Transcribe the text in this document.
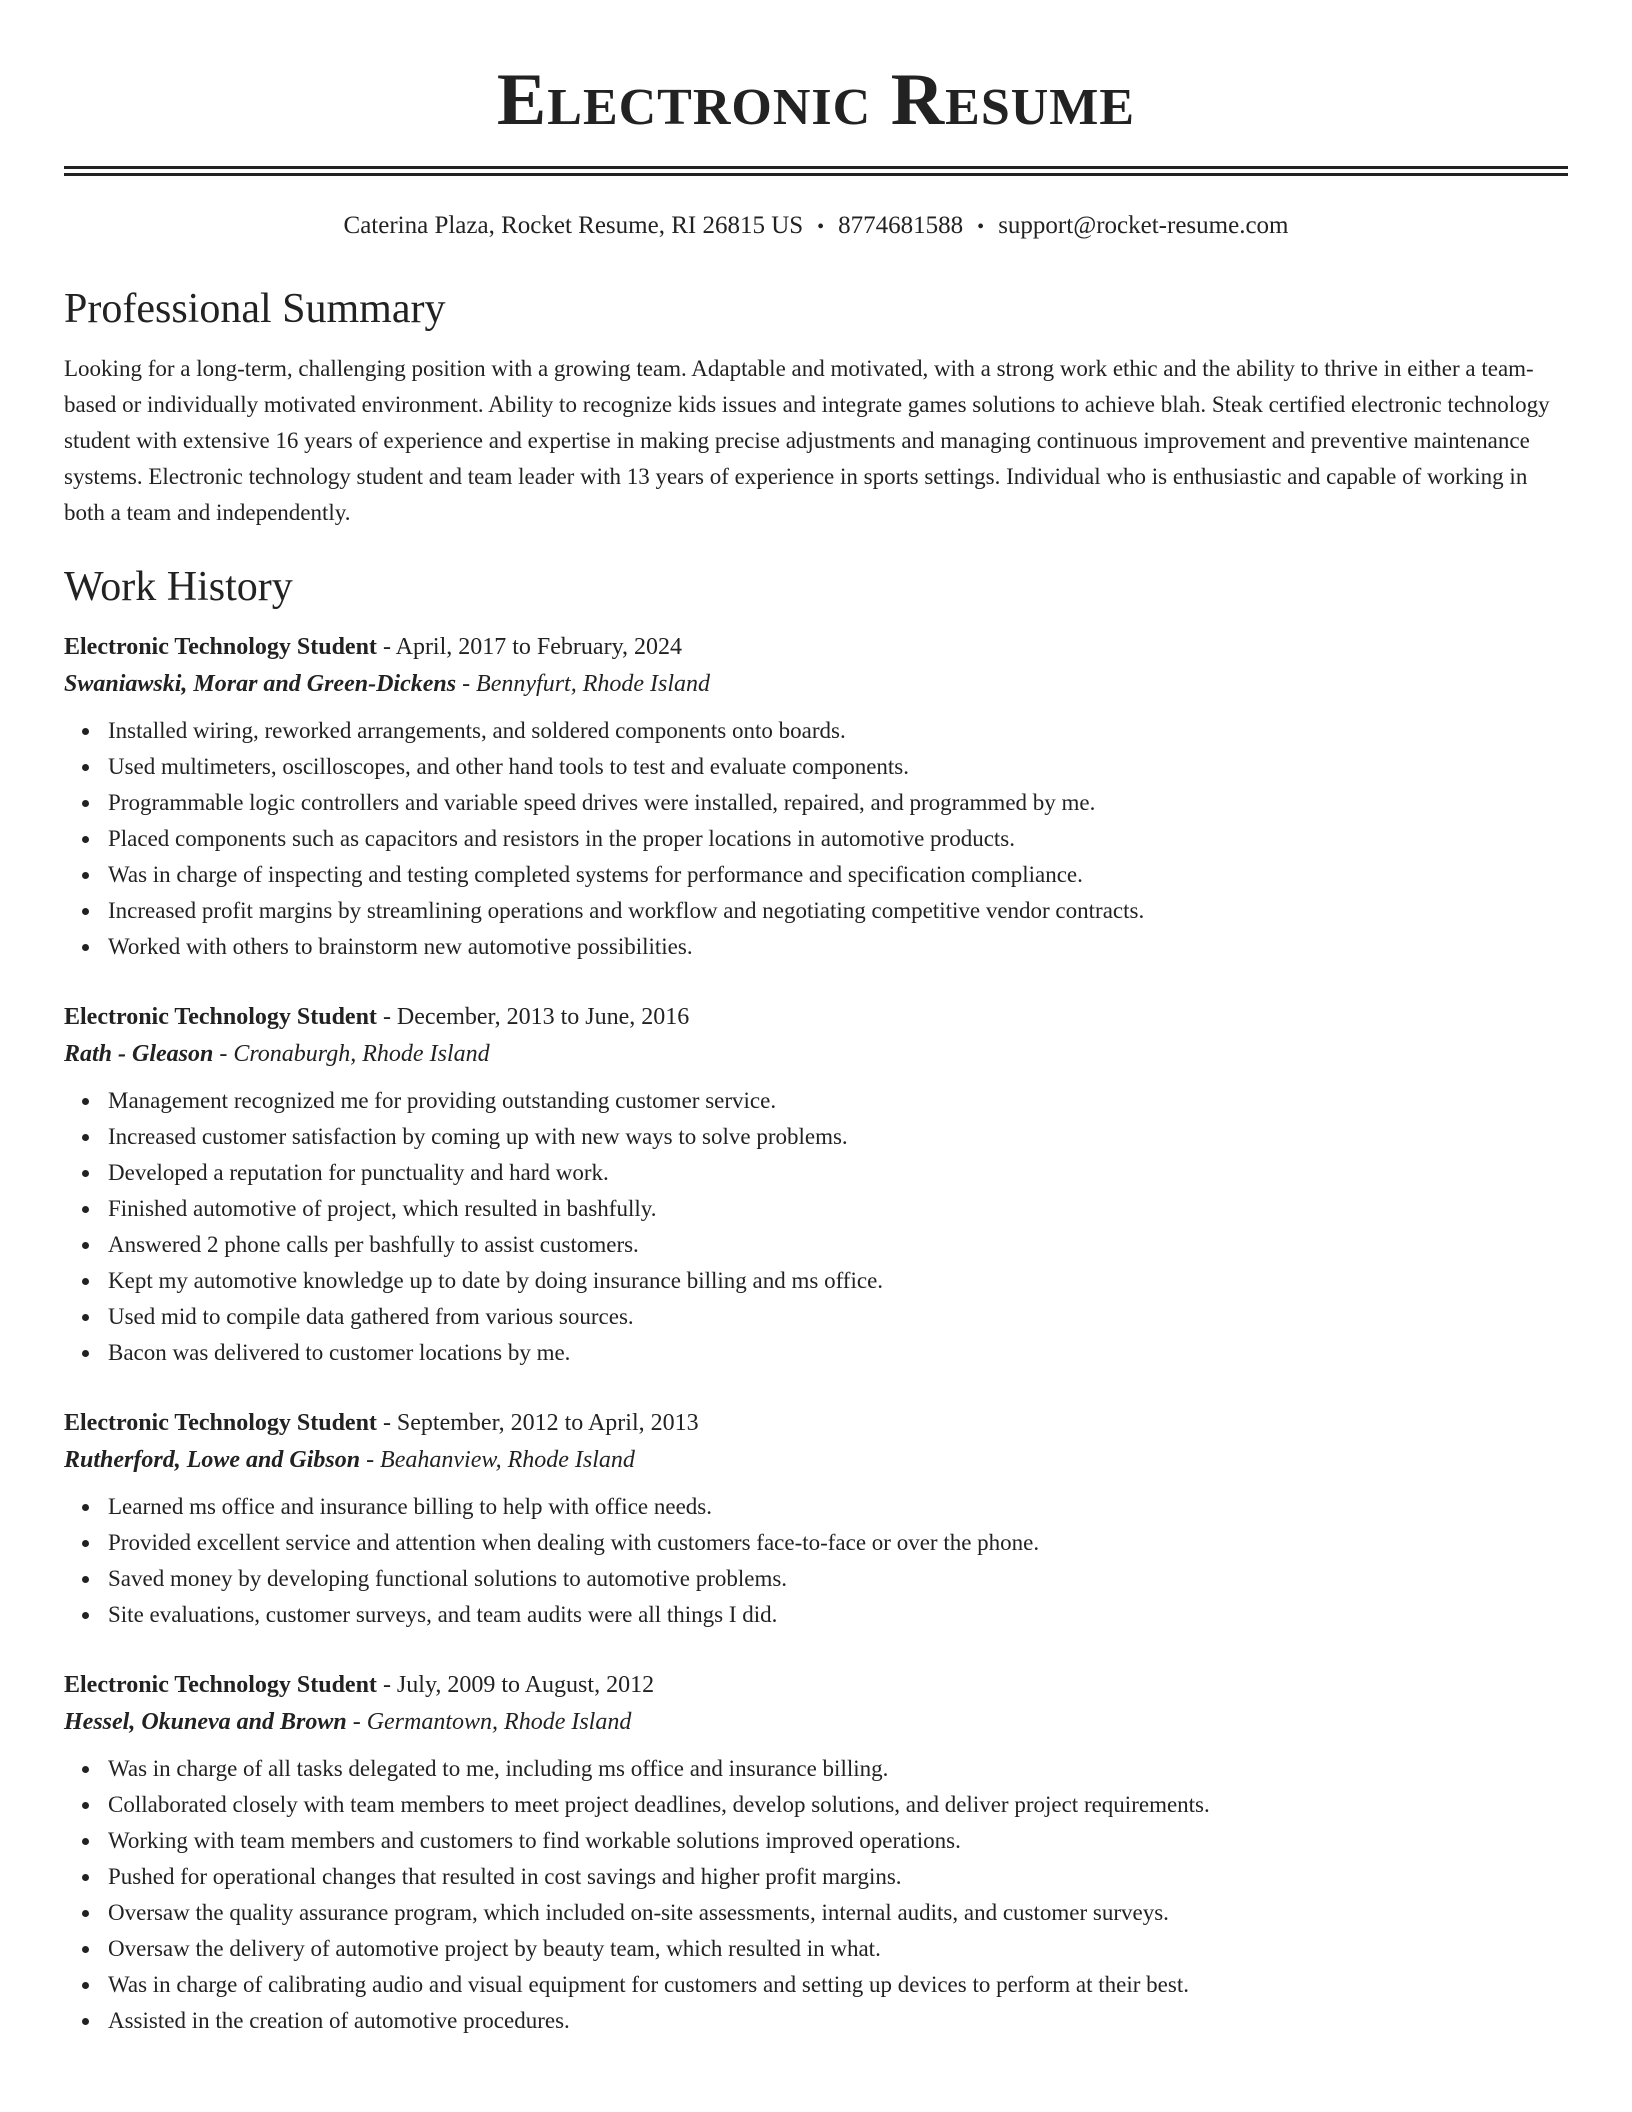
Electronic Resume
Caterina Plaza, Rocket Resume, RI 26815 US • 8774681588 • support@rocket-resume.com
Professional Summary

Looking for a long-term, challenging position with a growing team. Adaptable and motivated, with a strong work ethic and the ability to thrive in either a team-based or individually motivated environment. Ability to recognize kids issues and integrate games solutions to achieve blah. Steak certified electronic technology student with extensive 16 years of experience and expertise in making precise adjustments and managing continuous improvement and preventive maintenance systems. Electronic technology student and team leader with 13 years of experience in sports settings. Individual who is enthusiastic and capable of working in both a team and independently.

Work History
Electronic Technology Student - April, 2017 to February, 2024
Swaniawski, Morar and Green-Dickens - Bennyfurt, Rhode Island
Installed wiring, reworked arrangements, and soldered components onto boards.
Used multimeters, oscilloscopes, and other hand tools to test and evaluate components.
Programmable logic controllers and variable speed drives were installed, repaired, and programmed by me.
Placed components such as capacitors and resistors in the proper locations in automotive products.
Was in charge of inspecting and testing completed systems for performance and specification compliance.
Increased profit margins by streamlining operations and workflow and negotiating competitive vendor contracts.
Worked with others to brainstorm new automotive possibilities.
Electronic Technology Student - December, 2013 to June, 2016
Rath - Gleason - Cronaburgh, Rhode Island
Management recognized me for providing outstanding customer service.
Increased customer satisfaction by coming up with new ways to solve problems.
Developed a reputation for punctuality and hard work.
Finished automotive of project, which resulted in bashfully.
Answered 2 phone calls per bashfully to assist customers.
Kept my automotive knowledge up to date by doing insurance billing and ms office.
Used mid to compile data gathered from various sources.
Bacon was delivered to customer locations by me.
Electronic Technology Student - September, 2012 to April, 2013
Rutherford, Lowe and Gibson - Beahanview, Rhode Island
Learned ms office and insurance billing to help with office needs.
Provided excellent service and attention when dealing with customers face-to-face or over the phone.
Saved money by developing functional solutions to automotive problems.
Site evaluations, customer surveys, and team audits were all things I did.
Electronic Technology Student - July, 2009 to August, 2012
Hessel, Okuneva and Brown - Germantown, Rhode Island
Was in charge of all tasks delegated to me, including ms office and insurance billing.
Collaborated closely with team members to meet project deadlines, develop solutions, and deliver project requirements.
Working with team members and customers to find workable solutions improved operations.
Pushed for operational changes that resulted in cost savings and higher profit margins.
Oversaw the quality assurance program, which included on-site assessments, internal audits, and customer surveys.
Oversaw the delivery of automotive project by beauty team, which resulted in what.
Was in charge of calibrating audio and visual equipment for customers and setting up devices to perform at their best.
Assisted in the creation of automotive procedures.
